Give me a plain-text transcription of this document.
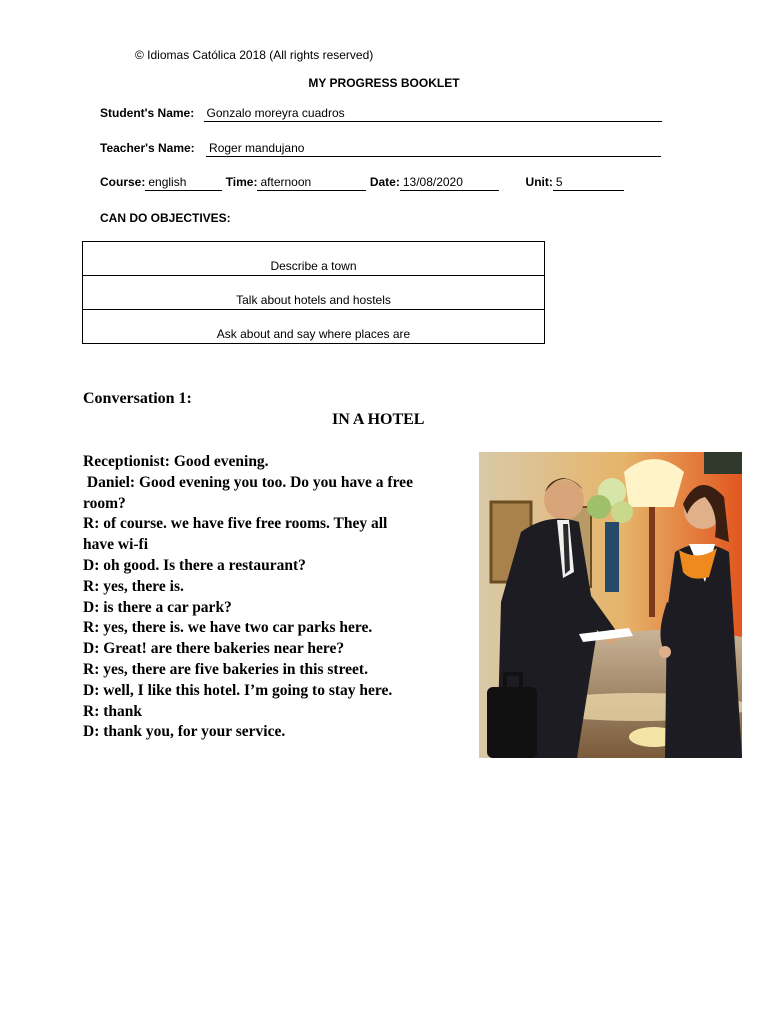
© Idiomas Católica 2018 (All rights reserved)
MY PROGRESS BOOKLET
Student's Name: Gonzalo moreyra cuadros
Teacher's Name: Roger mandujano
Course: english	Time: afternoon	Date: 13/08/2020	Unit: 5
CAN DO OBJECTIVES:
Describe a town
Talk about hotels and hostels
Ask about and say where places are
Conversation 1:
IN A HOTEL
Receptionist: Good evening.
Daniel: Good evening you too. Do you have a free
room?
R: of course. we have five free rooms. They all
have wi-fi
D: oh good. Is there a restaurant?
R: yes, there is.
D: is there a car park?
R: yes, there is. we have two car parks here.
D: Great! are there bakeries near here?
R: yes, there are five bakeries in this street.
D: well, I like this hotel. I’m going to stay here.
R: thank
D: thank you, for your service.
